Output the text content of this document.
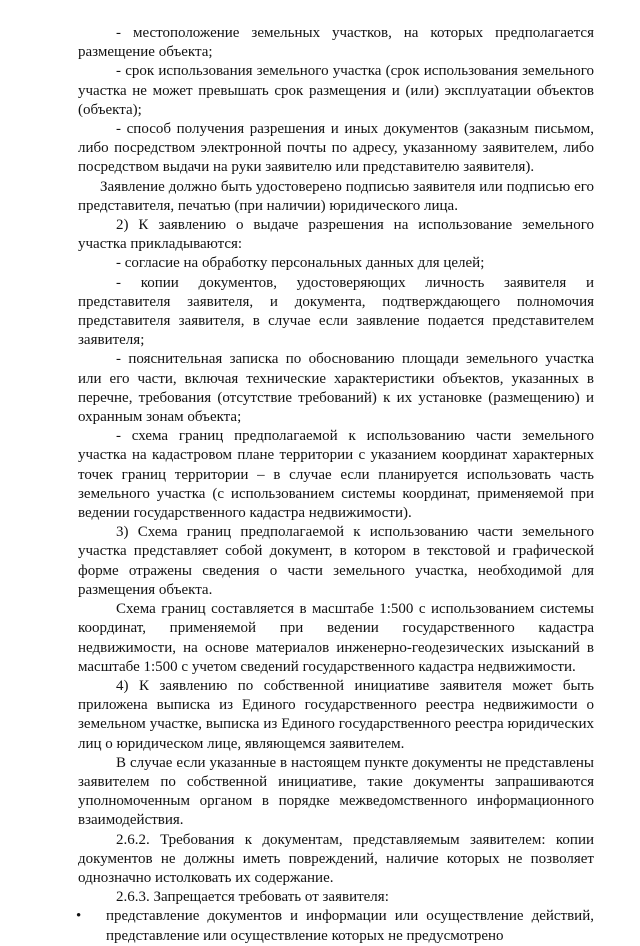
- местоположение земельных участков, на которых предполагается размещение объекта;

- срок использования земельного участка (срок использования земельного участка не может превышать срок размещения и (или) эксплуатации объектов (объекта);

- способ получения разрешения и иных документов (заказным письмом, либо посредством электронной почты по адресу, указанному заявителем, либо посредством выдачи на руки заявителю или представителю заявителя).

Заявление должно быть удостоверено подписью заявителя или подписью его представителя, печатью (при наличии) юридического лица.

2) К заявлению о выдаче разрешения на использование земельного участка прикладываются:

- согласие на обработку персональных данных для целей;

- копии документов, удостоверяющих личность заявителя и представителя заявителя, и документа, подтверждающего полномочия представителя заявителя, в случае если заявление подается представителем заявителя;

- пояснительная записка по обоснованию площади земельного участка или его части, включая технические характеристики объектов, указанных в перечне, требования (отсутствие требований) к их установке (размещению) и охранным зонам объекта;

- схема границ предполагаемой к использованию части земельного участка на кадастровом плане территории с указанием координат характерных точек границ территории – в случае если планируется использовать часть земельного участка (с использованием системы координат, применяемой при ведении государственного кадастра недвижимости).

3) Схема границ предполагаемой к использованию части земельного участка представляет собой документ, в котором в текстовой и графической форме отражены сведения о части земельного участка, необходимой для размещения объекта.

Схема границ составляется в масштабе 1:500 с использованием системы координат, применяемой при ведении государственного кадастра недвижимости, на основе материалов инженерно-геодезических изысканий в масштабе 1:500 с учетом сведений государственного кадастра недвижимости.

4) К заявлению по собственной инициативе заявителя может быть приложена выписка из Единого государственного реестра недвижимости о земельном участке, выписка из Единого государственного реестра юридических лиц о юридическом лице, являющемся заявителем.

В случае если указанные в настоящем пункте документы не представлены заявителем по собственной инициативе, такие документы запрашиваются уполномоченным органом в порядке межведомственного информационного взаимодействия.

2.6.2. Требования к документам, представляемым заявителем: копии документов не должны иметь повреждений, наличие которых не позволяет однозначно истолковать их содержание.

2.6.3. Запрещается требовать от заявителя:

• представление документов и информации или осуществление действий, представление или осуществление которых не предусмотрено
